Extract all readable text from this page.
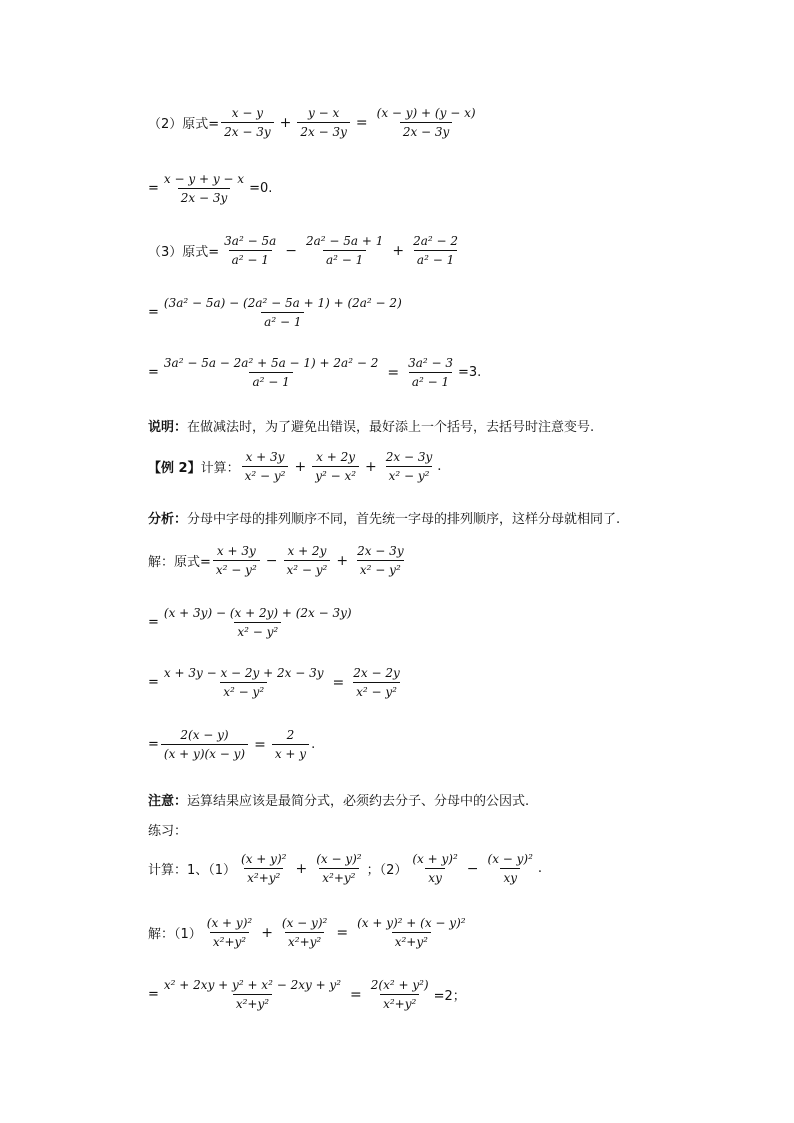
（2）原式= $\frac{x - y}{2x - 3y} + \frac{y - x}{2x - 3y} = \frac{(x - y) + (y - x)}{2x - 3y}$
= $\frac{x - y + y - x}{2x - 3y} =0$.
（3）原式= $\frac{\text{3a² − 5a}}{\text{a² − 1}} - \frac{\text{2a² − 5a + 1}}{\text{a² − 1}} + \frac{\text{2a² − 2}}{\text{a² − 1}}$
= $\frac{\text{(3a² − 5a) − (2a² − 5a + 1) + (2a² − 2)}}{\text{a² − 1}}$
= $\frac{\text{3a² − 5a − 2a² + 5a − 1) + 2a² − 2}}{\text{a² − 1}} = \frac{\text{3a² − 3}}{\text{a² − 1}} =3$.
说明： 在做减法时，为了避免出错误，最好添上一个括号，去括号时注意变号.
【例 2】 计算： $\frac{x + 3y}{\text{x² − y²}} + \frac{x + 2y}{\text{y² − x²}} + \frac{2x - 3y}{\text{x² − y²}}$ .
分析： 分母中字母的排列顺序不同，首先统一字母的排列顺序，这样分母就相同了.
解：原式= $\frac{x + 3y}{\text{x² − y²}} - \frac{x + 2y}{\text{x² − y²}} + \frac{2x - 3y}{\text{x² − y²}}$
= $\frac{(x + 3y) - (x + 2y) + (2x - 3y)}{\text{x² − y²}}$
= $\frac{x + 3y - x - 2y + 2x - 3y}{\text{x² − y²}} = \frac{2x - 2y}{\text{x² − y²}}$
= $\frac{2(x - y)}{(x + y)(x - y)} = \frac{2}{x + y}$ .
注意： 运算结果应该是最简分式，必须约去分子、分母中的公因式.
练习：
计算：1、$(1) \frac{\text{(x + y)²}}{\text{x²+y²}} + \frac{\text{(x − y)²}}{\text{x²+y²}}$ ；$(2) \frac{\text{(x + y)²}}{xy} - \frac{\text{(x − y)²}}{xy}$ .
解：$(1) \frac{\text{(x + y)²}}{\text{x²+y²}} + \frac{\text{(x − y)²}}{\text{x²+y²}} = \frac{\text{(x + y)² + (x − y)²}}{\text{x²+y²}}$
= $\frac{\text{x² + 2xy + y² + x² − 2xy + y²}}{\text{x²+y²}} = \frac{\text{2(x² + y²)}}{\text{x²+y²}} =2$；
